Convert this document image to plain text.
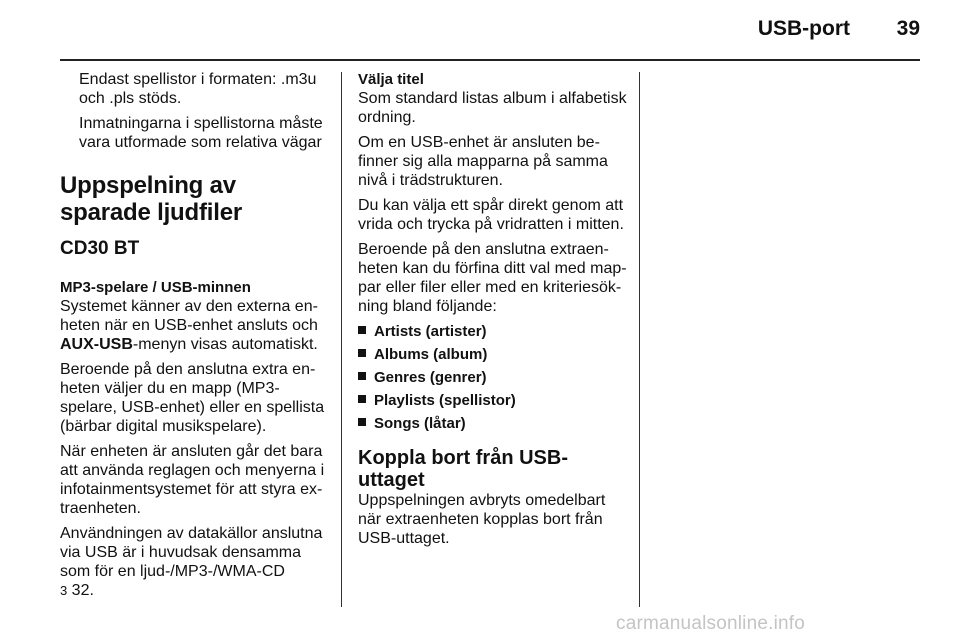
USB-port	39

Endast spellistor i formaten: .m3u och .pls stöds.

Inmatningarna i spellistorna måste vara utformade som relativa vägar

Uppspelning av sparade ljudfiler
CD30 BT
MP3-spelare / USB-minnen

Systemet känner av den externa en-heten när en USB-enhet ansluts och AUX-USB-menyn visas automatiskt.

Beroende på den anslutna extra en-heten väljer du en mapp (MP3-spelare, USB-enhet) eller en spellista (bärbar digital musikspelare).

När enheten är ansluten går det bara att använda reglagen och menyerna i infotainmentsystemet för att styra ex-traenheten.

Användningen av datakällor anslutna via USB är i huvudsak densamma som för en ljud-/MP3-/WMA-CD
3 32.

Välja titel

Som standard listas album i alfabetisk ordning.

Om en USB-enhet är ansluten be-finner sig alla mapparna på samma nivå i trädstrukturen.

Du kan välja ett spår direkt genom att vrida och trycka på vridratten i mitten.

Beroende på den anslutna extraen-heten kan du förfina ditt val med map-par eller filer eller med en kriteriesök-ning bland följande:

Artists (artister)
Albums (album)
Genres (genrer)
Playlists (spellistor)
Songs (låtar)
Koppla bort från USB-uttaget

Uppspelningen avbryts omedelbart när extraenheten kopplas bort från USB-uttaget.

carmanualsonline.info
